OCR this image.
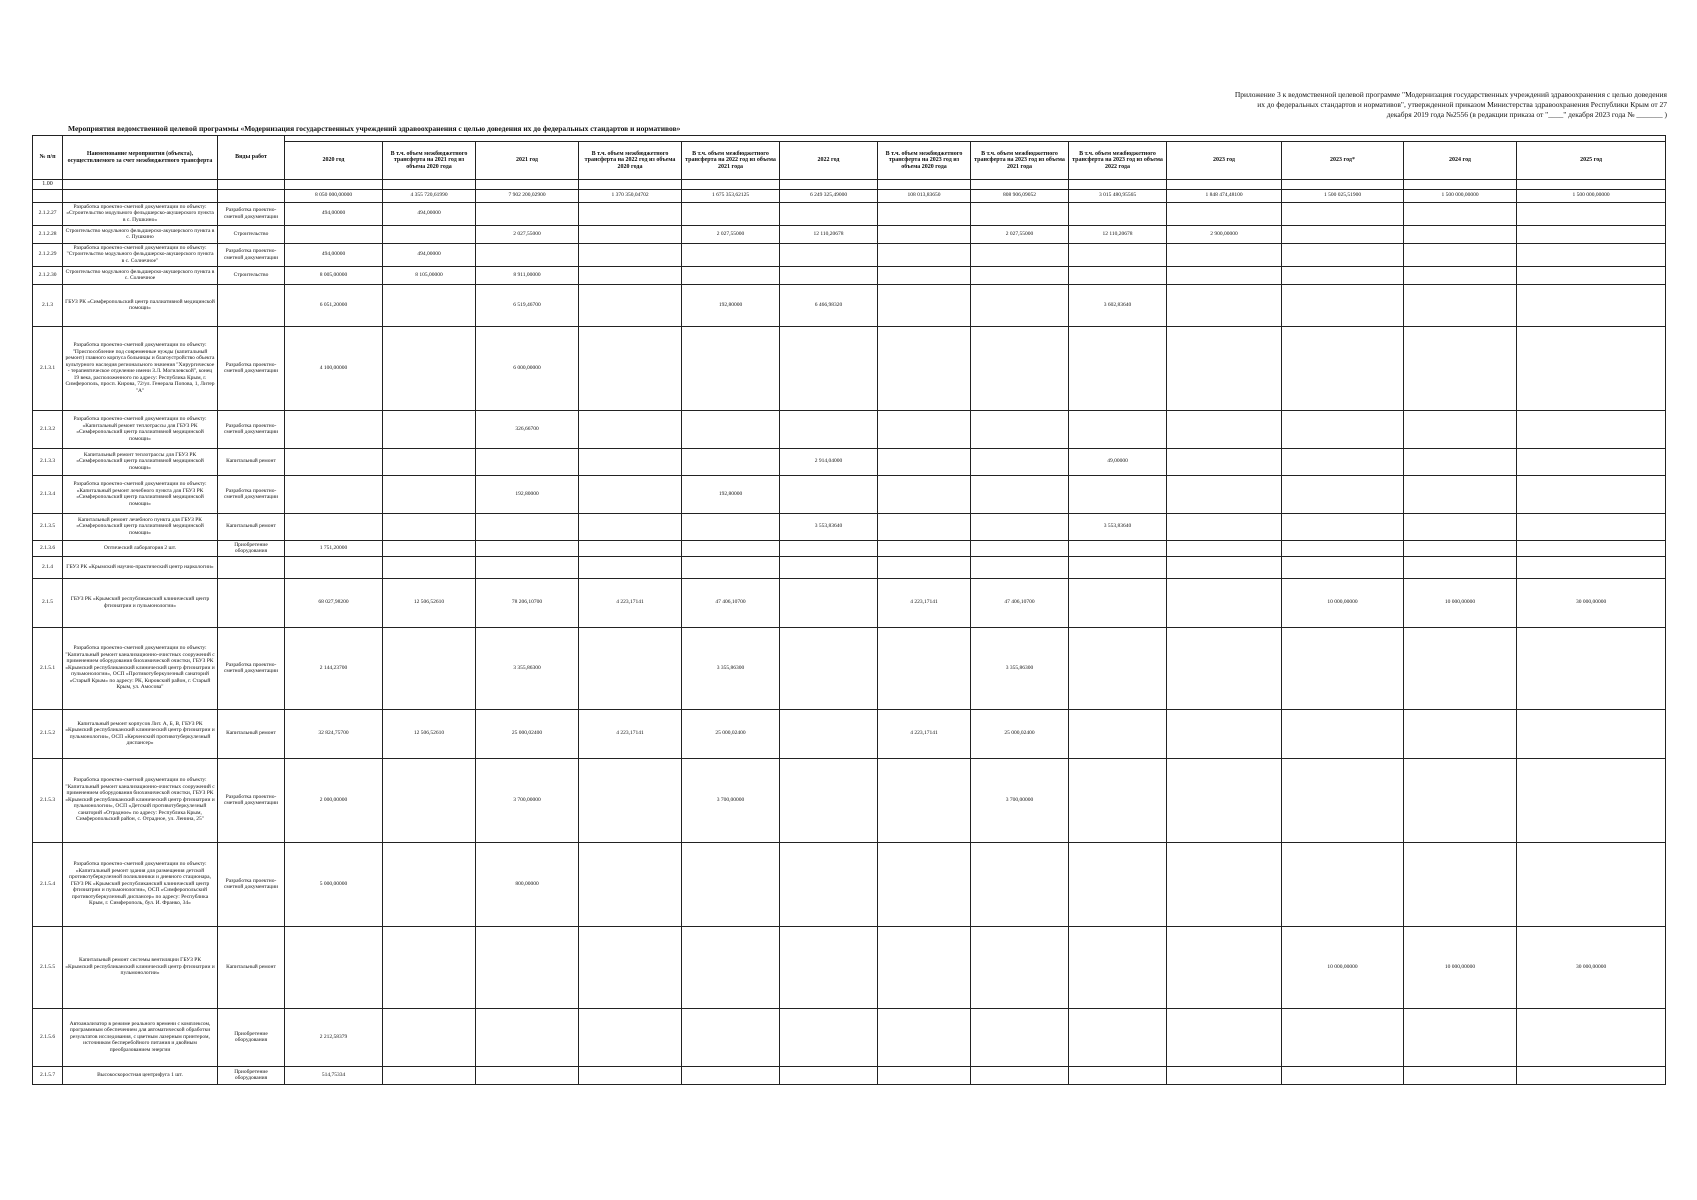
Приложение 3 к ведомственной целевой программе "Модернизация государственных учреждений здравоохранения с целью доведения
их до федеральных стандартов и нормативов", утвержденной приказом Министерства здравоохранения Республики Крым от 27
декабря 2019 года №2556 (в редакции приказа от "____" декабря 2023 года № _______ )
Мероприятия ведомственной целевой программы «Модернизация государственных учреждений здравоохранения с целью доведения их до федеральных стандартов и нормативов»
№ п/п	Наименование мероприятия (объекта), осуществляемого за счет межбюджетного трансферта	Виды работ													
			2020 год	В т.ч. объем межбюджетного трансферта на 2021 год из объема 2020 года	2021 год	В т.ч. объем межбюджетного трансферта на 2022 год из объема 2020 года	В т.ч. объем межбюджетного трансферта на 2022 год из объема 2021 года	2022 год	В т.ч. объем межбюджетного трансферта на 2023 год из объема 2020 года	В т.ч. объем межбюджетного трансферта на 2023 год из объема 2021 года	В т.ч. объем межбюджетного трансферта на 2023 год из объема 2022 года	2023 год	2023 год*	2024 год	2025 год
1.00															
			8 050 000,00000	4 355 720,61990	7 902 200,02900	1 370 350,04702	1 675 353,62125	6 249 325,49000	108 013,83650	808 906,09052	3 015 480,95565	1 848 474,48100	1 500 025,51900	1 500 000,00000	1 500 000,00000
2.1.2.27	Разработка проектно-сметной документации по объекту: «Строительство модульного фельдшерско-акушерского пункта в с. Пушкино»	Разработка проектно-сметной документации	494,00000	494,00000											
2.1.2.28	Строительство модульного фельдшерско-акушерского пункта в с. Пушкино	Строительство			2 027,55000		2 027,55000	12 110,20678		2 027,55000	12 110,20678	2 900,00000			
2.1.2.29	Разработка проектно-сметной документации по объекту: "Строительство модульного фельдшерско-акушерского пункта в с. Солнечное"	Разработка проектно-сметной документации	494,00000	494,00000											
2.1.2.30	Строительство модульного фельдшерско-акушерского пункта в с. Солнечное	Строительство	8 005,00000	8 105,00000	8 911,00000										
2.1.3	ГБУЗ РК «Симферопольский центр паллиативной медицинской помощи»		6 051,20000		6 519,46700		192,80000	6 466,98320			3 602,83640				
2.1.3.1	Разработка проектно-сметной документации по объекту: "Приспособление под современные нужды (капитальный ремонт) главного корпуса больницы и благоустройство объекта культурного наследия регионального значения "Хирургическое - терапевтическое отделение имени З.Л. Могилевской", конец 19 века, расположенного по адресу: Республика Крым, г. Симферополь, просп. Кирова, 72/ул. Генерала Попова, 1, Литер "А"	Разработка проектно-сметной документации	4 100,00000		6 000,00000										
2.1.3.2	Разработка проектно-сметной документации по объекту: «Капитальный ремонт теплотрассы для ГБУЗ РК «Симферопольский центр паллиативной медицинской помощи»	Разработка проектно-сметной документации			326,66700										
2.1.3.3	Капитальный ремонт теплотрассы для ГБУЗ РК «Симферопольский центр паллиативной медицинской помощи»	Капитальный ремонт						2 914,04000			49,00000				
2.1.3.4	Разработка проектно-сметной документации по объекту: «Капитальный ремонт лечебного пункта для ГБУЗ РК «Симферопольский центр паллиативной медицинской помощи»	Разработка проектно-сметной документации			192,80000		192,80000								
2.1.3.5	Капитальный ремонт лечебного пункта для ГБУЗ РК «Симферопольский центр паллиативной медицинской помощи»	Капитальный ремонт						3 553,83640			3 553,83640				
2.1.3.6	Оптический лаборатория 2 шт.	Приобретение оборудования	1 751,20000												
2.1.4	ГБУЗ РК «Крымский научно-практический центр наркологии»														
2.1.5	ГБУЗ РК «Крымский республиканский клинический центр фтизиатрии и пульмонологии»		68 027,98200	12 506,52610	78 206,10700	4 223,17141	47 406,10700		4 223,17141	47 406,10700			10 000,00000	10 000,00000	30 000,00000
2.1.5.1	Разработка проектно-сметной документации по объекту: "Капитальный ремонт канализационно-очистных сооружений с применением оборудования биохимической очистки, ГБУЗ РК «Крымский республиканский клинический центр фтизиатрии и пульмонологии», ОСП «Противотуберкулезный санаторий «Старый Крым» по адресу: РК, Кировский район, г. Старый Крым, ул. Амосова"	Разработка проектно-сметной документации	2 144,23700		3 355,86300		3 355,86300			3 355,86300					
2.1.5.2	Капитальный ремонт корпусов Лит. А, Б, В, ГБУЗ РК «Крымский республиканский клинический центр фтизиатрии и пульмонологии», ОСП «Керченский противотуберкулезный диспансер»	Капитальный ремонт	32 824,75700	12 506,52610	25 000,02400	4 223,17141	25 000,02400		4 223,17141	25 000,02400					
2.1.5.3	Разработка проектно-сметной документации по объекту: "Капитальный ремонт канализационно-очистных сооружений с применением оборудования биохимической очистки, ГБУЗ РК «Крымский республиканский клинический центр фтизиатрии и пульмонологии», ОСП «Детский противотуберкулезный санаторий «Отрадное» по адресу: Республика Крым, Симферопольский район, с. Отрадное, ул. Ленина, 25"	Разработка проектно-сметной документации	2 000,00000		3 700,00000		3 700,00000			3 700,00000					
2.1.5.4	Разработка проектно-сметной документации по объекту: «Капитальный ремонт здания для размещения детской противотуберкулезной поликлиники и дневного стационара, ГБУЗ РК «Крымский республиканский клинический центр фтизиатрии и пульмонологии», ОСП «Симферопольский противотуберкулезный диспансер» по адресу: Республика Крым, г. Симферополь, бул. И. Франко, 34»	Разработка проектно-сметной документации	5 000,00000		800,00000										
2.1.5.5	Капитальный ремонт системы вентиляции ГБУЗ РК «Крымский республиканский клинический центр фтизиатрии и пульмонологии»	Капитальный ремонт											10 000,00000	10 000,00000	30 000,00000
2.1.5.6	Автоанализатор в режиме реального времени с комплексом, программным обеспечением для автоматической обработки результатов исследования, с цветным лазерным принтером, источником бесперебойного питания и двойным преобразованием энергии	Приобретение оборудования	2 212,58379												
2.1.5.7	Высокоскоростная центрифуга 1 шт.	Приобретение оборудования	514,75334												
